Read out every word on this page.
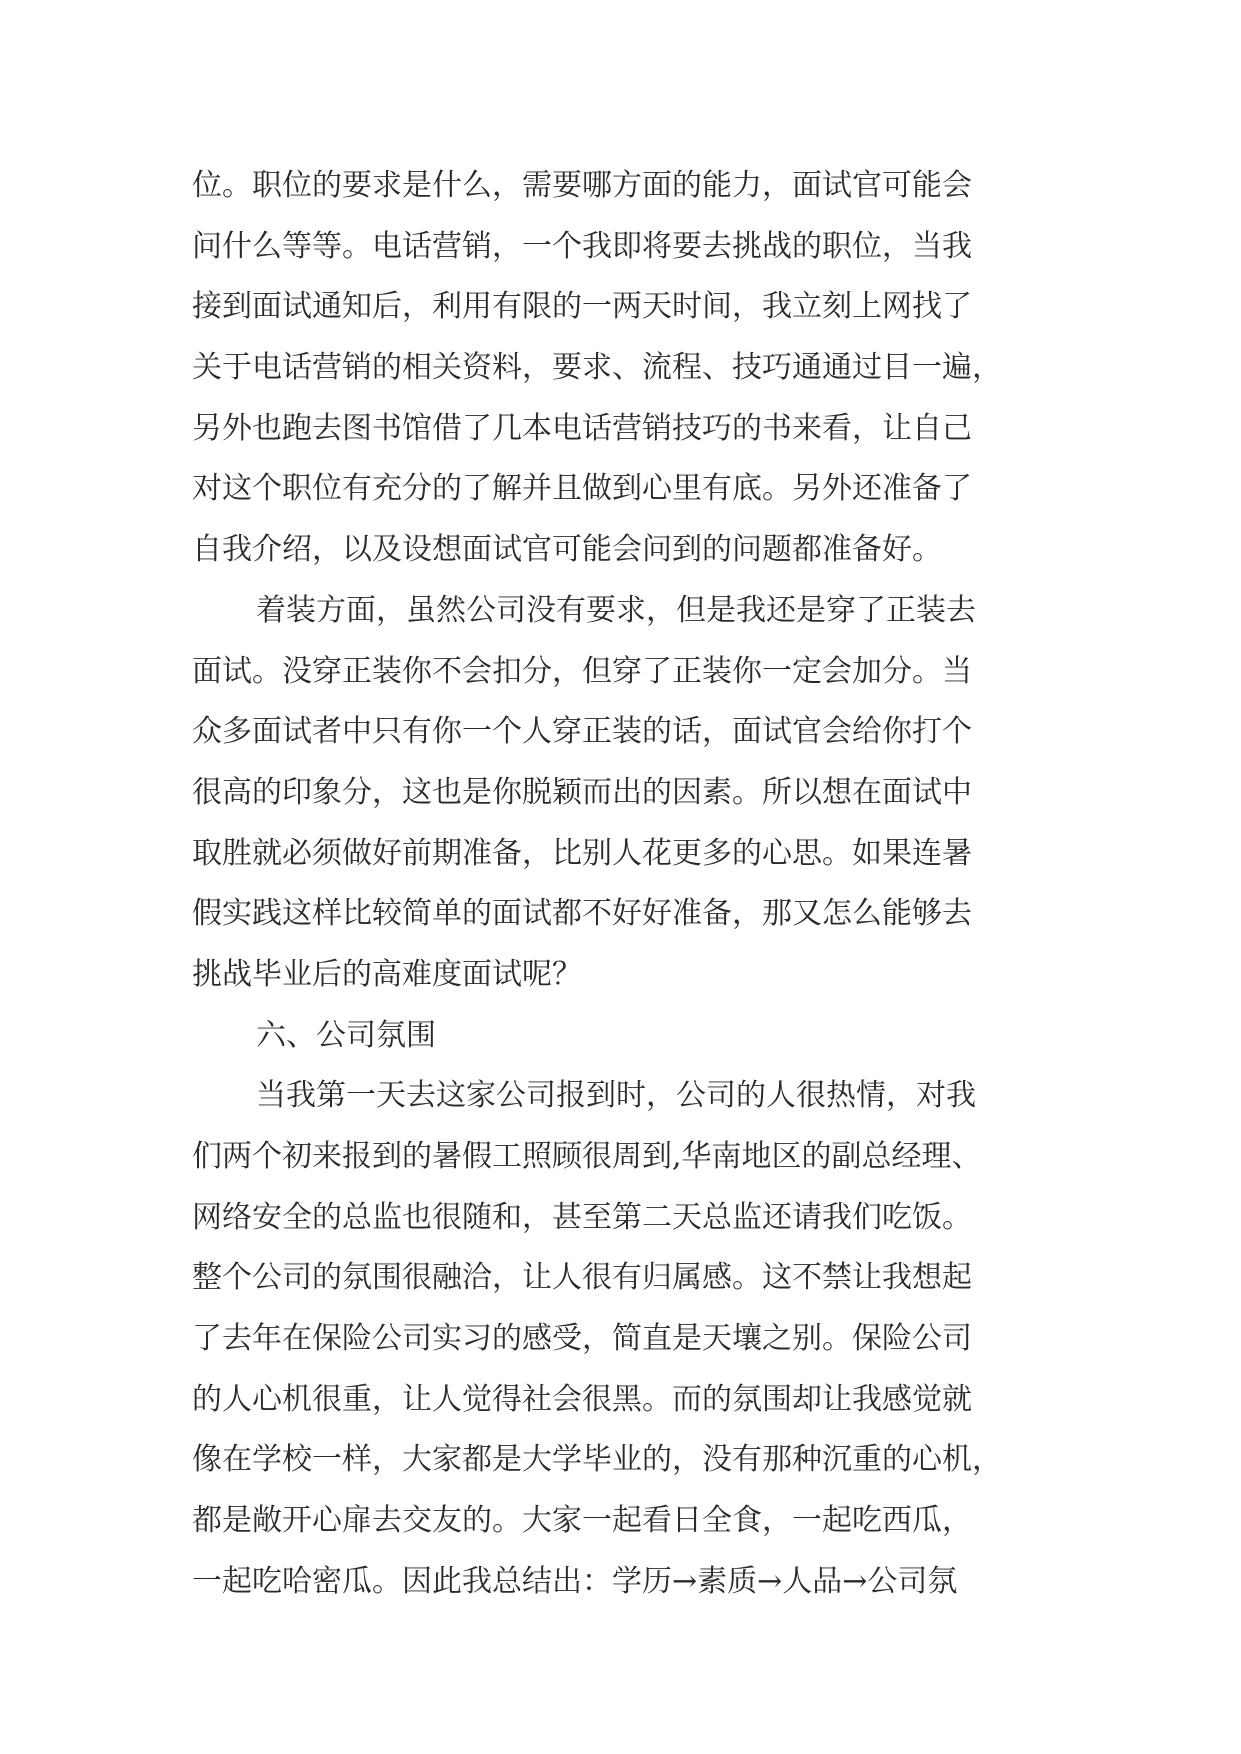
位。职位的要求是什么，需要哪方面的能力，面试官可能会
问什么等等。电话营销，一个我即将要去挑战的职位，当我
接到面试通知后，利用有限的一两天时间，我立刻上网找了
关于电话营销的相关资料，要求、流程、技巧通通过目一遍，
另外也跑去图书馆借了几本电话营销技巧的书来看，让自己
对这个职位有充分的了解并且做到心里有底。另外还准备了
自我介绍，以及设想面试官可能会问到的问题都准备好。
着装方面，虽然公司没有要求，但是我还是穿了正装去
面试。没穿正装你不会扣分，但穿了正装你一定会加分。当
众多面试者中只有你一个人穿正装的话，面试官会给你打个
很高的印象分，这也是你脱颖而出的因素。所以想在面试中
取胜就必须做好前期准备，比别人花更多的心思。如果连暑
假实践这样比较简单的面试都不好好准备，那又怎么能够去
挑战毕业后的高难度面试呢？
六、公司氛围
当我第一天去这家公司报到时，公司的人很热情，对我
们两个初来报到的暑假工照顾很周到,华南地区的副总经理、
网络安全的总监也很随和，甚至第二天总监还请我们吃饭。
整个公司的氛围很融洽，让人很有归属感。这不禁让我想起
了去年在保险公司实习的感受，简直是天壤之别。保险公司
的人心机很重，让人觉得社会很黑。而的氛围却让我感觉就
像在学校一样，大家都是大学毕业的，没有那种沉重的心机，
都是敞开心扉去交友的。大家一起看日全食，一起吃西瓜，
一起吃哈密瓜。因此我总结出：学历→素质→人品→公司氛
